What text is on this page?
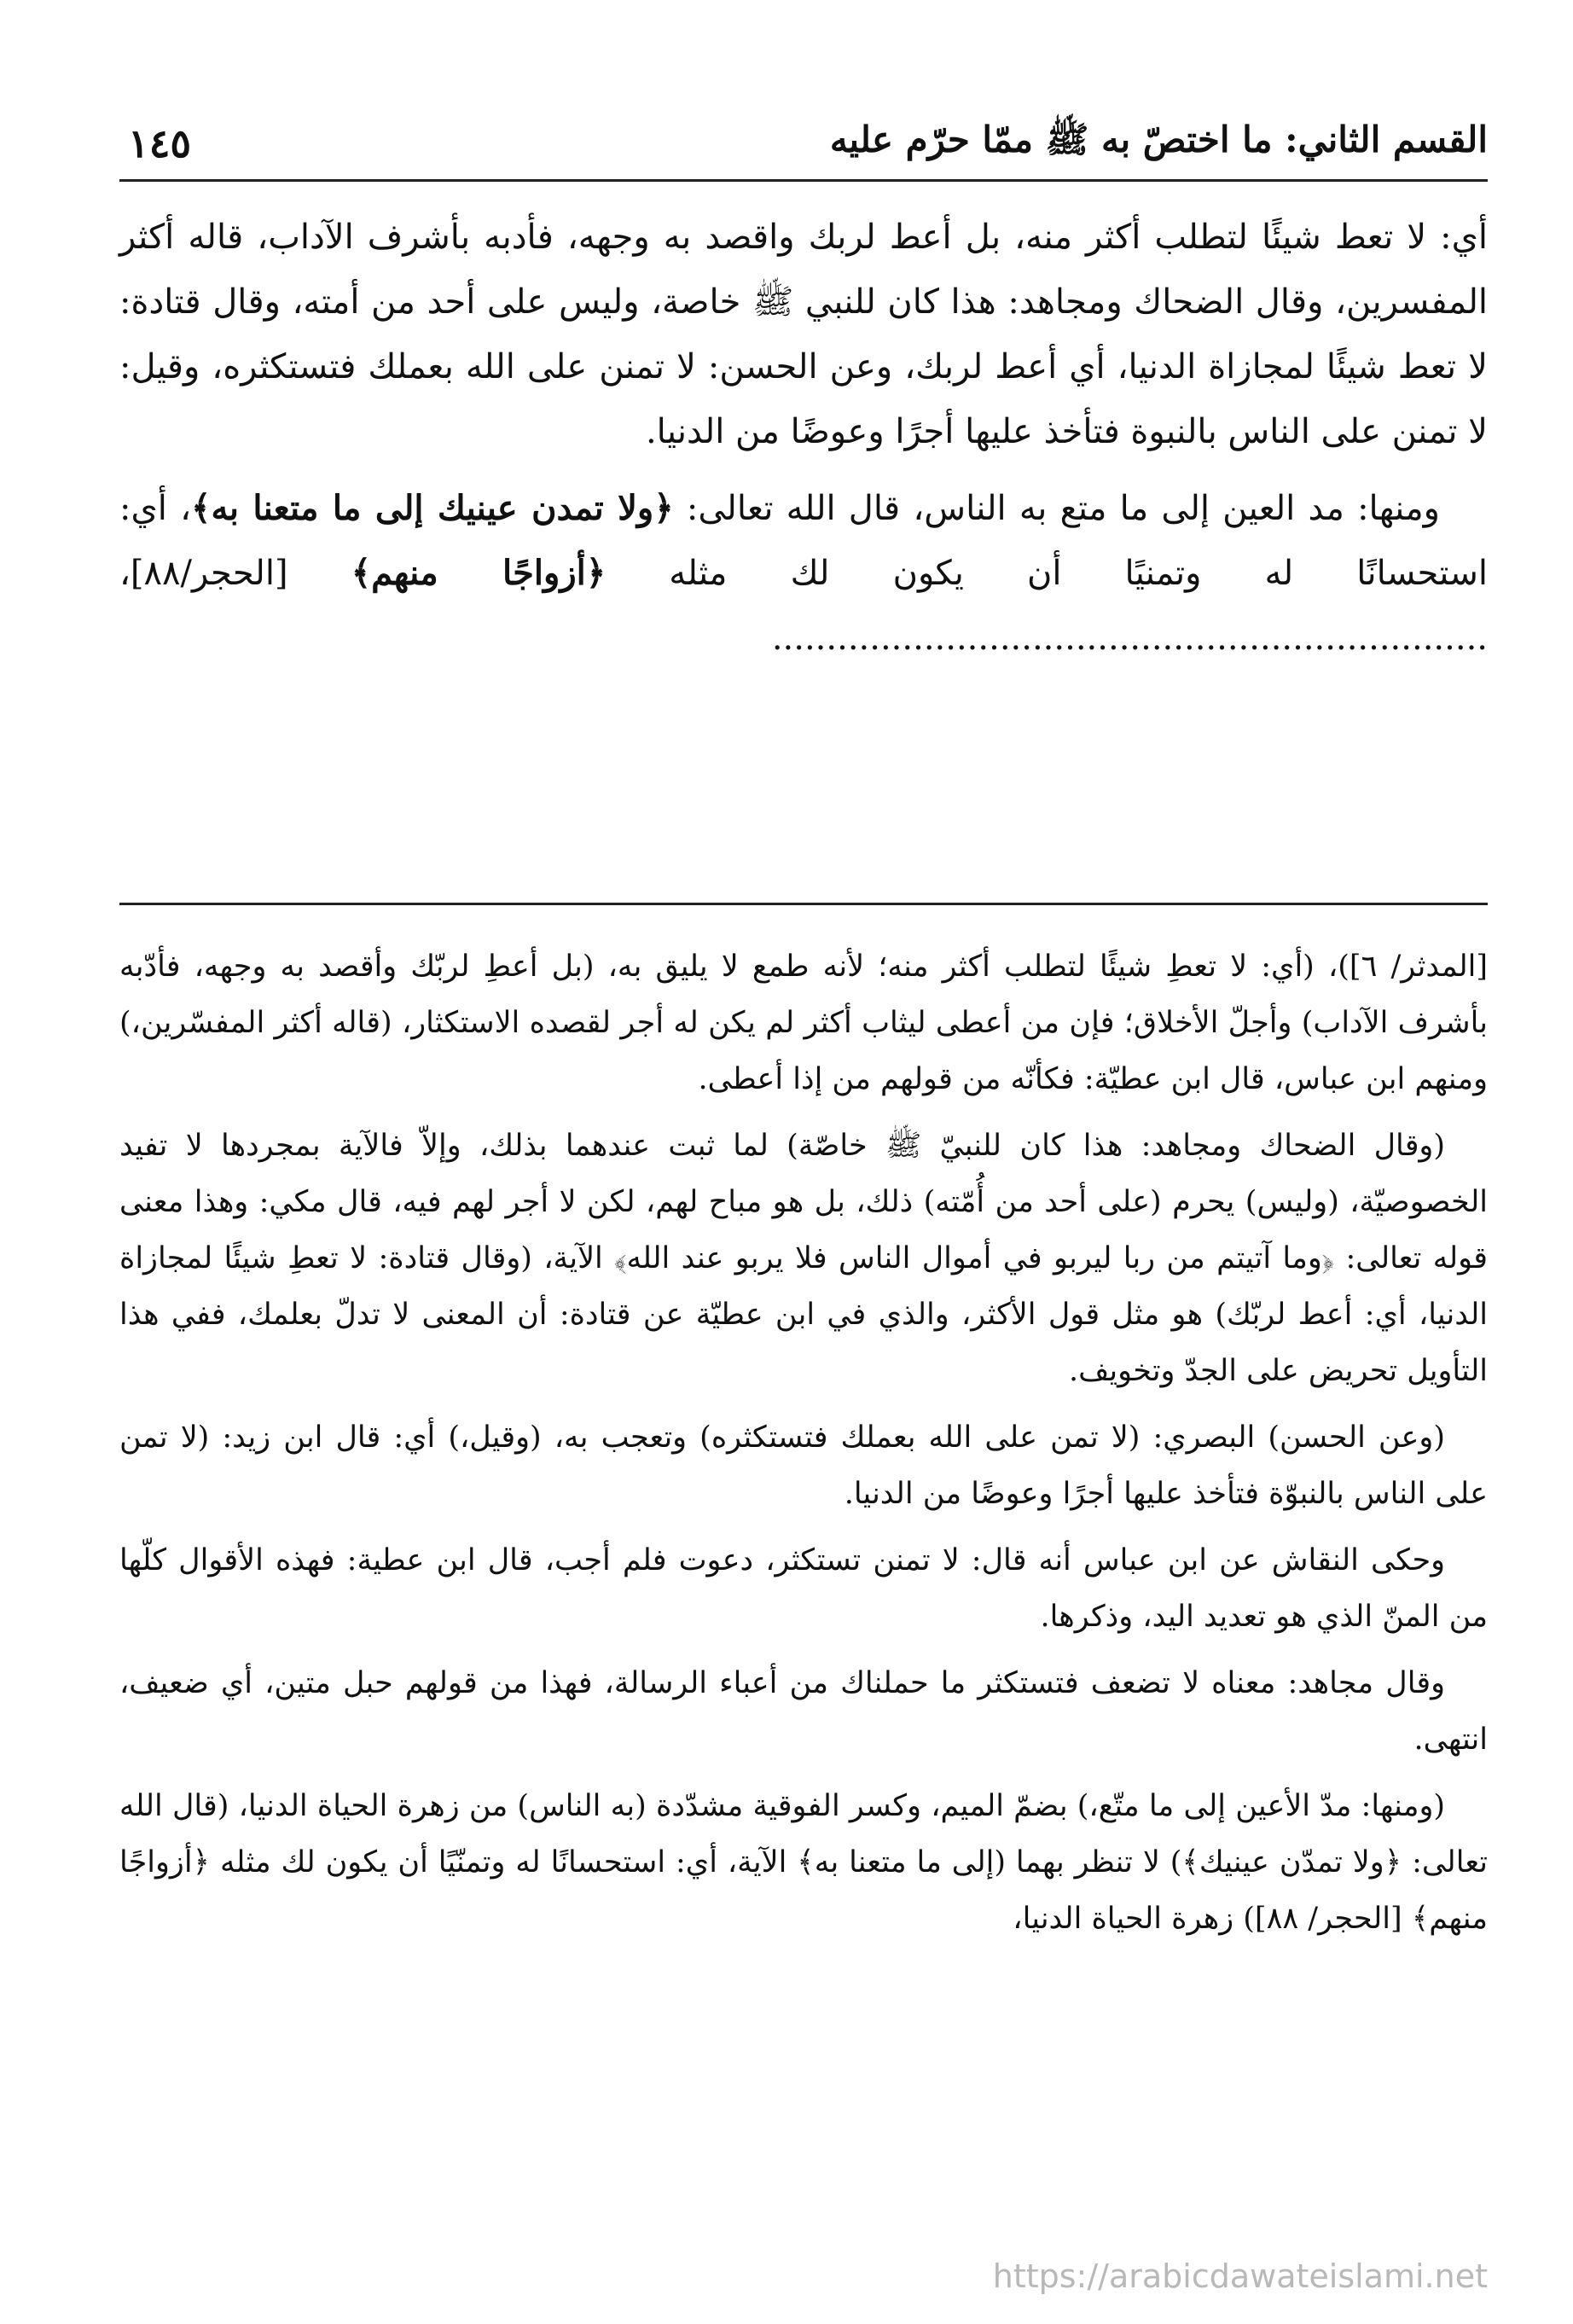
القسم الثاني: ما اختصّ به ﷺ ممّا حرّم عليه
١٤٥

أي: لا تعط شيئًا لتطلب أكثر منه، بل أعط لربك واقصد به وجهه، فأدبه بأشرف الآداب، قاله أكثر المفسرين، وقال الضحاك ومجاهد: هذا كان للنبي ﷺ خاصة، وليس على أحد من أمته، وقال قتادة: لا تعط شيئًا لمجازاة الدنيا، أي أعط لربك، وعن الحسن: لا تمنن على الله بعملك فتستكثره، وقيل: لا تمنن على الناس بالنبوة فتأخذ عليها أجرًا وعوضًا من الدنيا.

ومنها: مد العين إلى ما متع به الناس، قال الله تعالى: ﴿ولا تمدن عينيك إلى ما متعنا به﴾، أي: استحسانًا له وتمنيًا أن يكون لك مثله ﴿أزواجًا منهم﴾ [الحجر/٨٨]، ..................................................................

[المدثر/ ٦])، (أي: لا تعطِ شيئًا لتطلب أكثر منه؛ لأنه طمع لا يليق به، (بل أعطِ لربّك وأقصد به وجهه، فأدّبه بأشرف الآداب) وأجلّ الأخلاق؛ فإن من أعطى ليثاب أكثر لم يكن له أجر لقصده الاستكثار، (قاله أكثر المفسّرين،) ومنهم ابن عباس، قال ابن عطيّة: فكأنّه من قولهم من إذا أعطى.

(وقال الضحاك ومجاهد: هذا كان للنبيّ ﷺ خاصّة) لما ثبت عندهما بذلك، وإلاّ فالآية بمجردها لا تفيد الخصوصيّة، (وليس) يحرم (على أحد من أُمّته) ذلك، بل هو مباح لهم، لكن لا أجر لهم فيه، قال مكي: وهذا معنى قوله تعالى: ﴿وما آتيتم من ربا ليربو في أموال الناس فلا يربو عند الله﴾ الآية، (وقال قتادة: لا تعطِ شيئًا لمجازاة الدنيا، أي: أعط لربّك) هو مثل قول الأكثر، والذي في ابن عطيّة عن قتادة: أن المعنى لا تدلّ بعلمك، ففي هذا التأويل تحريض على الجدّ وتخويف.

(وعن الحسن) البصري: (لا تمن على الله بعملك فتستكثره) وتعجب به، (وقيل،) أي: قال ابن زيد: (لا تمن على الناس بالنبوّة فتأخذ عليها أجرًا وعوضًا من الدنيا.

وحكى النقاش عن ابن عباس أنه قال: لا تمنن تستكثر، دعوت فلم أجب، قال ابن عطية: فهذه الأقوال كلّها من المنّ الذي هو تعديد اليد، وذكرها.

وقال مجاهد: معناه لا تضعف فتستكثر ما حملناك من أعباء الرسالة، فهذا من قولهم حبل متين، أي ضعيف، انتهى.

(ومنها: مدّ الأعين إلى ما متّع،) بضمّ الميم، وكسر الفوقية مشدّدة (به الناس) من زهرة الحياة الدنيا، (قال الله تعالى: ﴿ولا تمدّن عينيك﴾) لا تنظر بهما (إلى ما متعنا به﴾ الآية، أي: استحسانًا له وتمنّيًا أن يكون لك مثله ﴿أزواجًا منهم﴾ [الحجر/ ٨٨]) زهرة الحياة الدنيا،

https://arabicdawateislami.net
